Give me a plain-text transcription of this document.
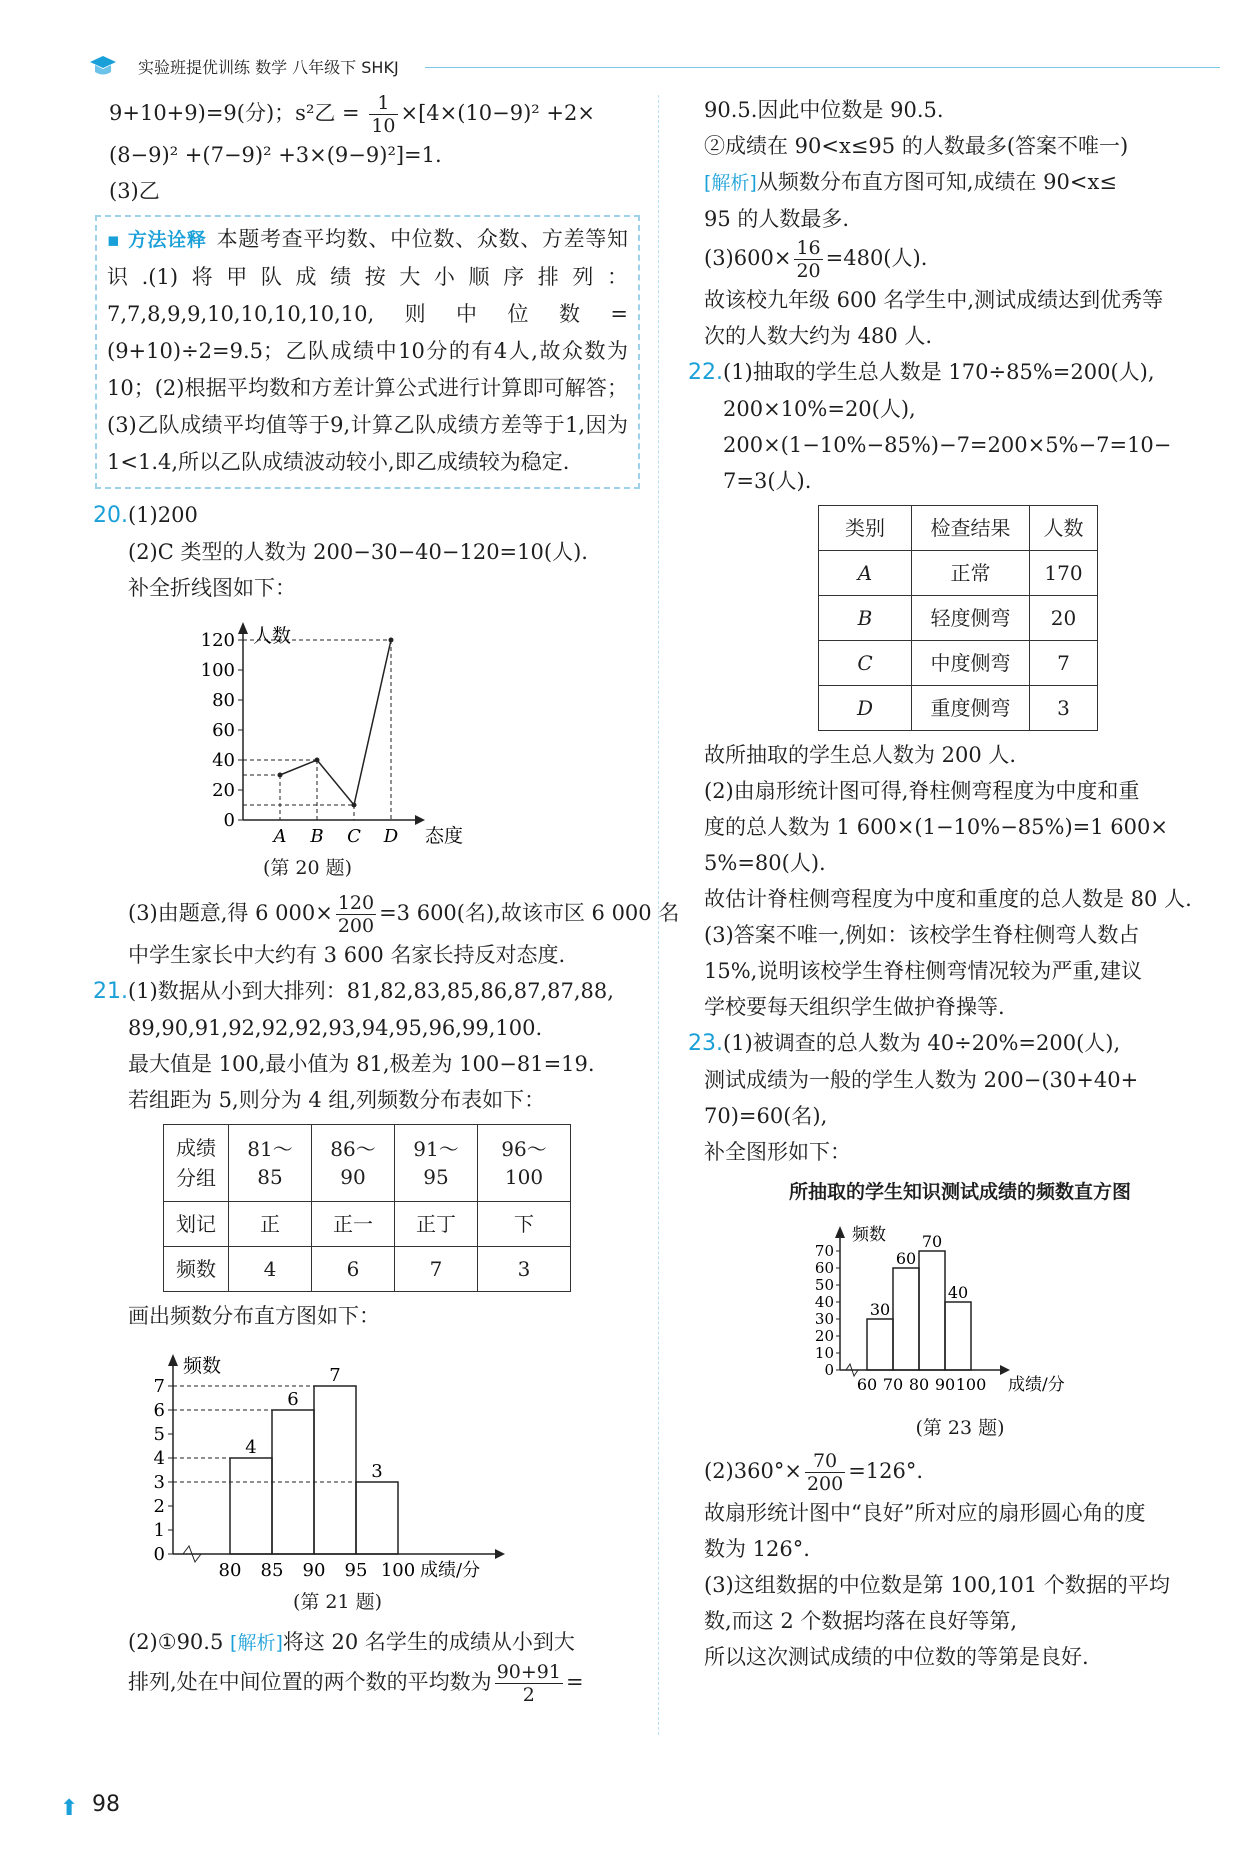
实验班提优训练 数学 八年级下 SHKJ

9+10+9)=9(分)；s²乙 = $\frac{1}{10} \times[4\times(10-9)^2 +2\times$

(8−9)² +(7−9)² +3×(9−9)²]=1.

(3)乙

▪ 方法诠释 本题考查平均数、中位数、众数、方差等知识.(1)将甲队成绩按大小顺序排列：7,7,8,9,9,10,10,10,10,10,则中位数=(9+10)÷2=9.5；乙队成绩中10分的有4人,故众数为10；(2)根据平均数和方差计算公式进行计算即可解答；(3)乙队成绩平均值等于9,计算乙队成绩方差等于1,因为1<1.4,所以乙队成绩波动较小,即乙成绩较为稳定.

20.(1)200

(2)C 类型的人数为 200−30−40−120=10(人).

补全折线图如下：

人数
态度
0
20
40
60
80
100
120
A B C D
(第 20 题)

(3)由题意,得 6 $000\times \frac{120}{200} =3$ 600(名),故该市区 6 000 名

中学生家长中大约有 3 600 名家长持反对态度.

21.(1)数据从小到大排列：81,82,83,85,86,87,87,88,

89,90,91,92,92,92,93,94,95,96,99,100.

最大值是 100,最小值为 81,极差为 100−81=19.

若组距为 5,则分为 4 组,列频数分布表如下：

成绩
分组	81～85	86～90	91～95	96～100
划记	正	正一	正丁	下
频数	4	6	7	3

画出频数分布直方图如下：

频数
成绩/分
0
1
2
3
4
5
6
7
4
6
7
3
80 85 90 95 100
(第 21 题)

(2)①90.5 [解析]将这 20 名学生的成绩从小到大

排列,处在中间位置的两个数的平均数为 $\frac{90+91}{2}$ =

90.5.因此中位数是 90.5.

②成绩在 90<x≤95 的人数最多(答案不唯一)

[解析]从频数分布直方图可知,成绩在 90<x≤

95 的人数最多.

$(3)600\times \frac{16}{20} =480$(人).

故该校九年级 600 名学生中,测试成绩达到优秀等

次的人数大约为 480 人.

22.(1)抽取的学生总人数是 170÷85%=200(人),

200×10%=20(人),

200×(1−10%−85%)−7=200×5%−7=10−

7=3(人).

类别	检查结果	人数
A	正常	170
B	轻度侧弯	20
C	中度侧弯	7
D	重度侧弯	3

故所抽取的学生总人数为 200 人.

(2)由扇形统计图可得,脊柱侧弯程度为中度和重

度的总人数为 1 600×(1−10%−85%)=1 600×

5%=80(人).

故估计脊柱侧弯程度为中度和重度的总人数是 80 人.

(3)答案不唯一,例如：该校学生脊柱侧弯人数占

15%,说明该校学生脊柱侧弯情况较为严重,建议

学校要每天组织学生做护脊操等.

23.(1)被调查的总人数为 40÷20%=200(人),

测试成绩为一般的学生人数为 200−(30+40+

70)=60(名),

补全图形如下：

所抽取的学生知识测试成绩的频数直方图
频数
成绩/分
0
10
20
30
40
50
60
70
30
60
70
40
60 70 80 90 100
(第 23 题)

$(2)360^\circ\times \frac{70}{200} =126^\circ$.

故扇形统计图中“良好”所对应的扇形圆心角的度

数为 126°.

(3)这组数据的中位数是第 100,101 个数据的平均

数,而这 2 个数据均落在良好等第,

所以这次测试成绩的中位数的等第是良好.

⬆ 98
